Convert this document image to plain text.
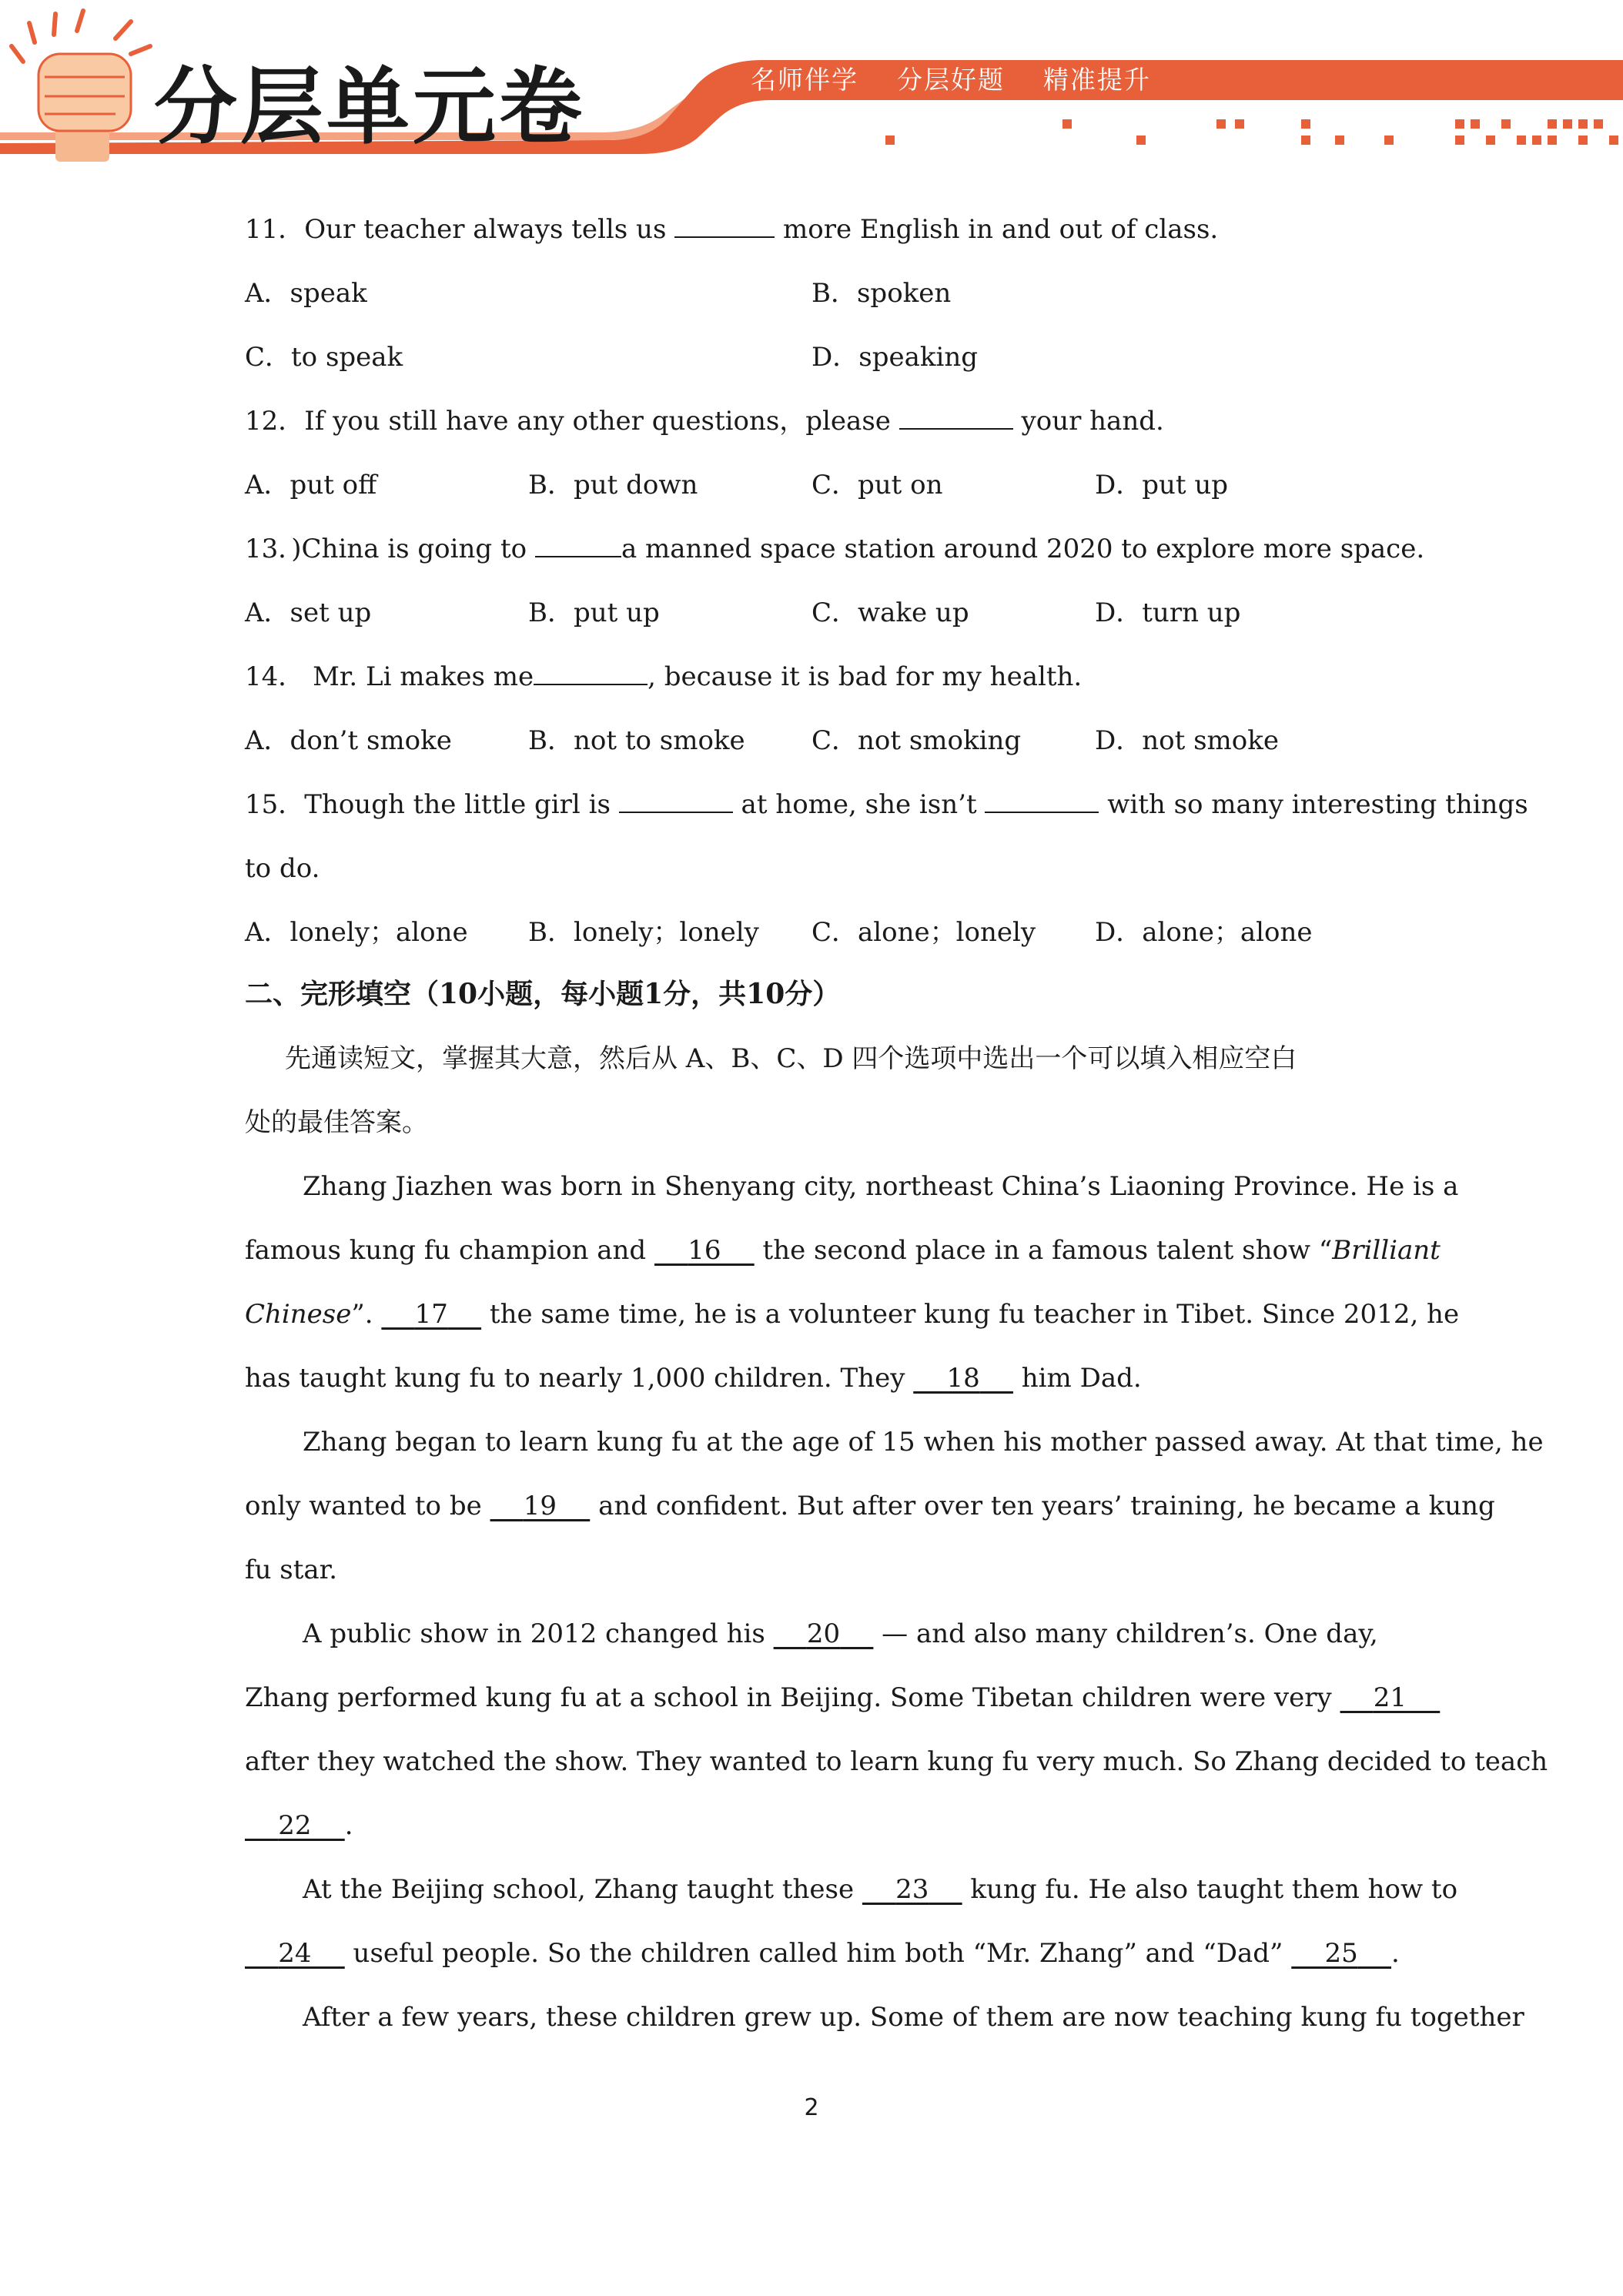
分层单元卷	名师伴学    分层好题    精准提升
11．Our teacher always tells us	more English in and out of class.
A．speak	B．spoken
C．to speak	D．speaking
12．If you still have any other questions，please	your hand.
A．put off	B．put down	C．put on	D．put up
13．)China is going to	a manned space station around 2020 to explore more space.
A．set up	B．put up	C．wake up	D．turn up
14． Mr. Li makes me	, because it is bad for my health.
A．don’t smoke	B．not to smoke	C．not smoking	D．not smoke
15．Though the little girl is	at home, she isn’t	with so many interesting things
to do.
A．lonely；alone B．lonely；lonely C．alone；lonely D．alone；alone
二、完形填空（10小题，每小题1分，共10分）
先通读短文，掌握其大意，然后从 A、B、C、D 四个选项中选出一个可以填入相应空白
处的最佳答案。
Zhang Jiazhen was born in Shenyang city, northeast China’s Liaoning Province. He is a
famous kung fu champion and     16     the second place in a famous talent show “Brilliant
Chinese”.     17     the same time, he is a volunteer kung fu teacher in Tibet. Since 2012, he
has taught kung fu to nearly 1,000 children. They     18     him Dad.
Zhang began to learn kung fu at the age of 15 when his mother passed away. At that time, he
only wanted to be     19     and confident. But after over ten years’ training, he became a kung
fu star.
A public show in 2012 changed his     20     — and also many children’s. One day,
Zhang performed kung fu at a school in Beijing. Some Tibetan children were very     21
after they watched the show. They wanted to learn kung fu very much. So Zhang decided to teach
22 .
At the Beijing school, Zhang taught these     23     kung fu. He also taught them how to
24     useful people. So the children called him both “Mr. Zhang” and “Dad”     25 .
After a few years, these children grew up. Some of them are now teaching kung fu together
2
